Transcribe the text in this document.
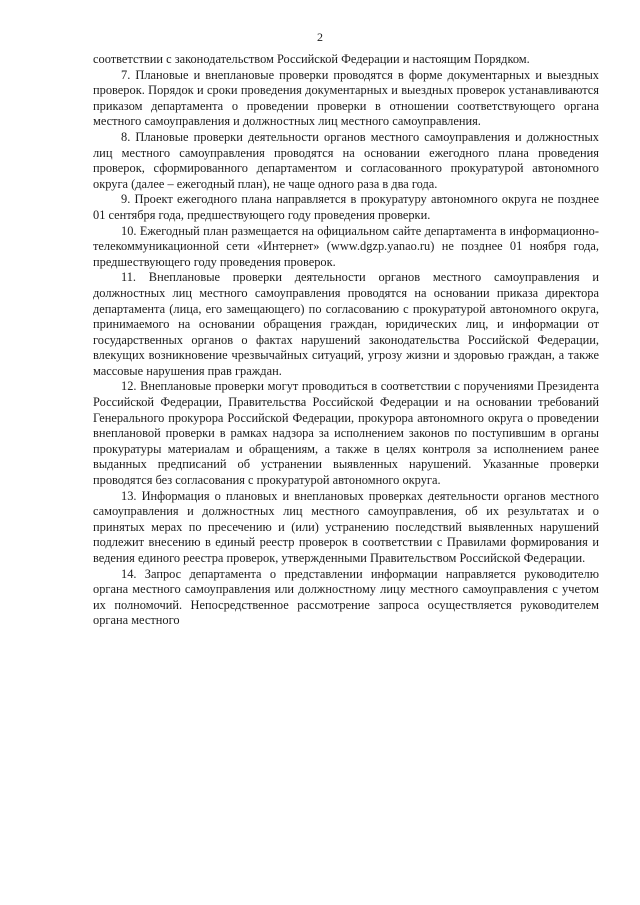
2

соответствии с законодательством Российской Федерации и настоящим Порядком.

7. Плановые и внеплановые проверки проводятся в форме документарных и выездных проверок. Порядок и сроки проведения документарных и выездных проверок устанавливаются приказом департамента о проведении проверки в отношении соответствующего органа местного самоуправления и должностных лиц местного самоуправления.

8. Плановые проверки деятельности органов местного самоуправления и должностных лиц местного самоуправления проводятся на основании ежегодного плана проведения проверок, сформированного департаментом и согласованного прокуратурой автономного округа (далее – ежегодный план), не чаще одного раза в два года.

9. Проект ежегодного плана направляется в прокуратуру автономного округа не позднее 01 сентября года, предшествующего году проведения проверки.

10. Ежегодный план размещается на официальном сайте департамента в информационно-телекоммуникационной сети «Интернет» (www.dgzp.yanao.ru) не позднее 01 ноября года, предшествующего году проведения проверок.

11. Внеплановые проверки деятельности органов местного самоуправления и должностных лиц местного самоуправления проводятся на основании приказа директора департамента (лица, его замещающего) по согласованию с прокуратурой автономного округа, принимаемого на основании обращения граждан, юридических лиц, и информации от государственных органов о фактах нарушений законодательства Российской Федерации, влекущих возникновение чрезвычайных ситуаций, угрозу жизни и здоровью граждан, а также массовые нарушения прав граждан.

12. Внеплановые проверки могут проводиться в соответствии с поручениями Президента Российской Федерации, Правительства Российской Федерации и на основании требований Генерального прокурора Российской Федерации, прокурора автономного округа о проведении внеплановой проверки в рамках надзора за исполнением законов по поступившим в органы прокуратуры материалам и обращениям, а также в целях контроля за исполнением ранее выданных предписаний об устранении выявленных нарушений. Указанные проверки проводятся без согласования с прокуратурой автономного округа.

13. Информация о плановых и внеплановых проверках деятельности органов местного самоуправления и должностных лиц местного самоуправления, об их результатах и о принятых мерах по пресечению и (или) устранению последствий выявленных нарушений подлежит внесению в единый реестр проверок в соответствии с Правилами формирования и ведения единого реестра проверок, утвержденными Правительством Российской Федерации.

14. Запрос департамента о представлении информации направляется руководителю органа местного самоуправления или должностному лицу местного самоуправления с учетом их полномочий. Непосредственное рассмотрение запроса осуществляется руководителем органа местного
